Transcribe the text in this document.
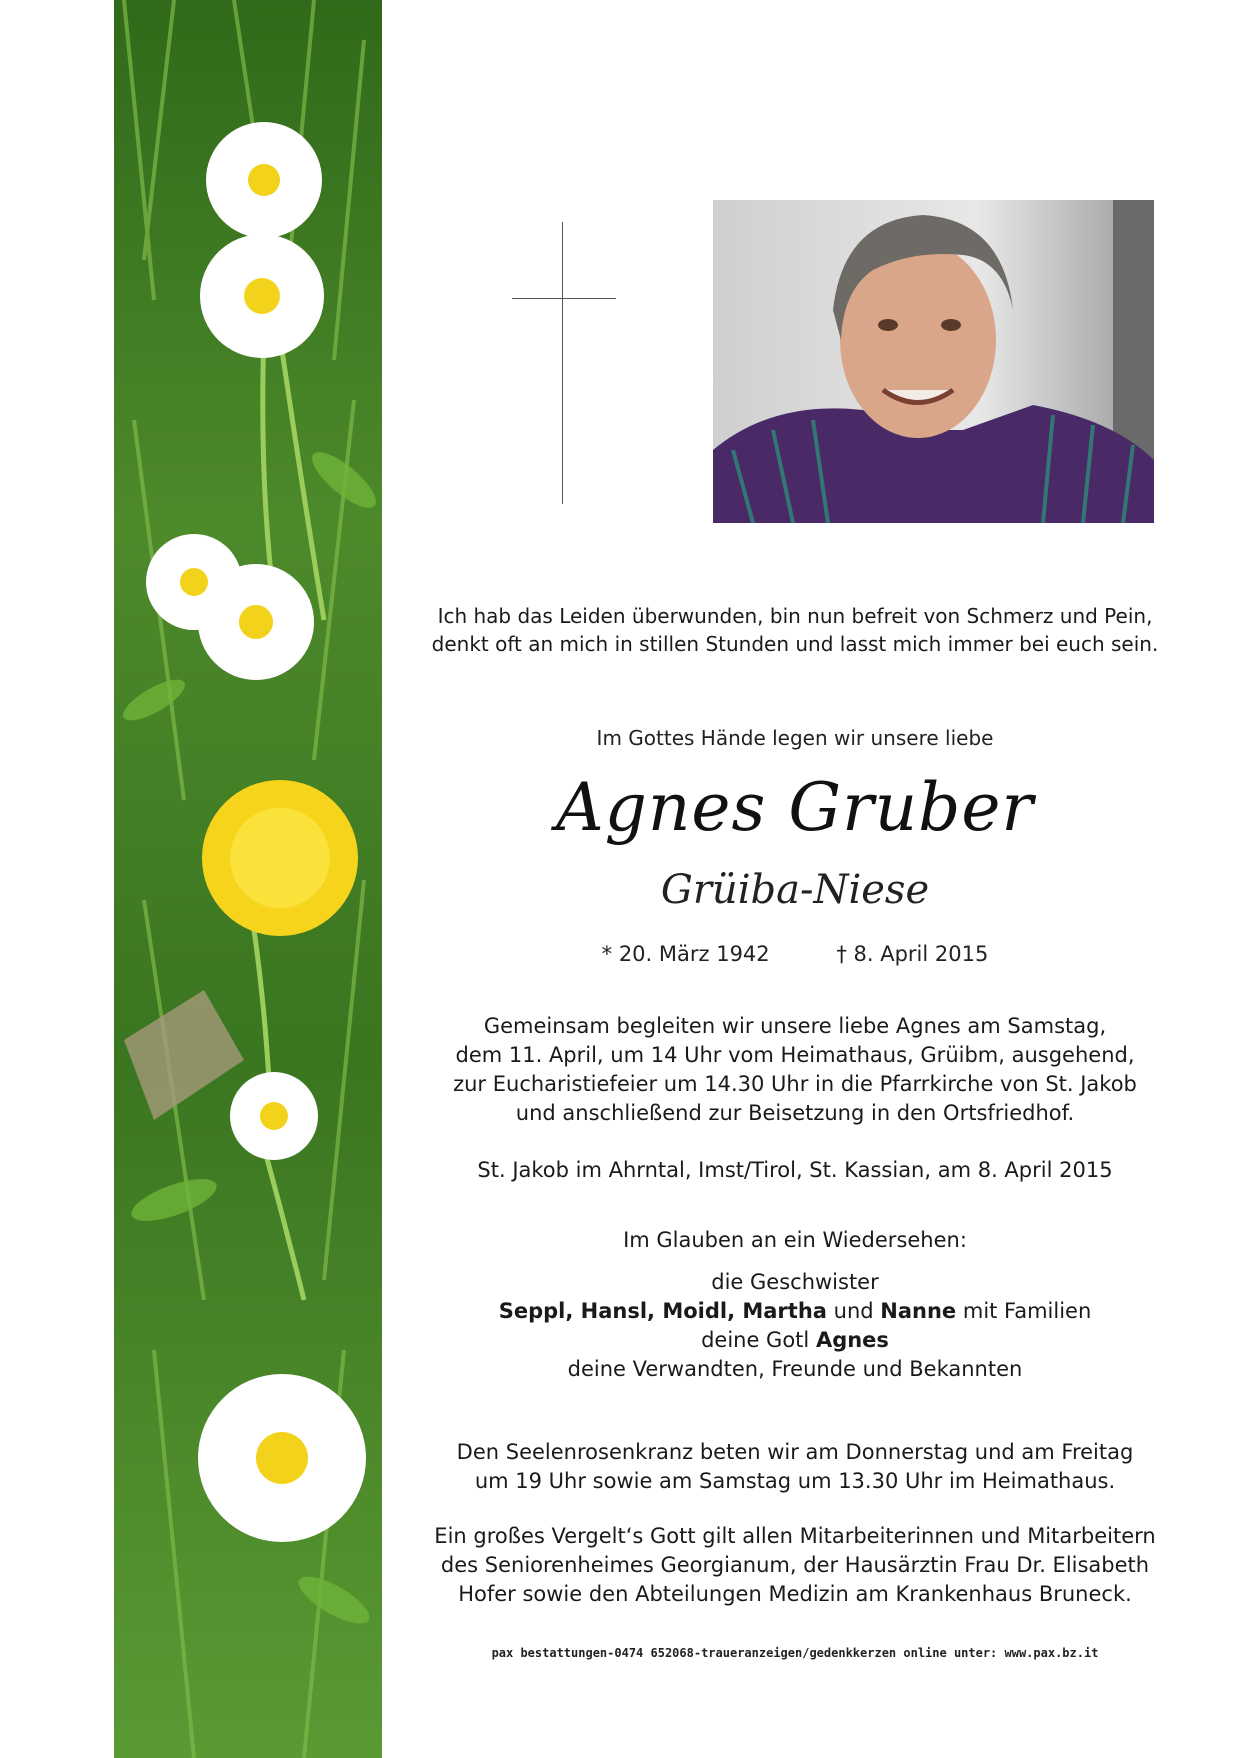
Ich hab das Leiden überwunden, bin nun befreit von Schmerz und Pein,
denkt oft an mich in stillen Stunden und lasst mich immer bei euch sein.
Im Gottes Hände legen wir unsere liebe
Agnes Gruber
Grüiba-Niese
* 20. März 1942	† 8. April 2015

Gemeinsam begleiten wir unsere liebe Agnes am Samstag,

dem 11. April, um 14 Uhr vom Heimathaus, Grüibm, ausgehend,

zur Eucharistiefeier um 14.30 Uhr in die Pfarrkirche von St. Jakob

und anschließend zur Beisetzung in den Ortsfriedhof.

St. Jakob im Ahrntal, Imst/Tirol, St. Kassian, am 8. April 2015
Im Glauben an ein Wiedersehen:

die Geschwister

Seppl, Hansl, Moidl, Martha und Nanne mit Familien

deine Gotl Agnes

deine Verwandten, Freunde und Bekannten

Den Seelenrosenkranz beten wir am Donnerstag und am Freitag

um 19 Uhr sowie am Samstag um 13.30 Uhr im Heimathaus.

Ein großes Vergelt‘s Gott gilt allen Mitarbeiterinnen und Mitarbeitern

des Seniorenheimes Georgianum, der Hausärztin Frau Dr. Elisabeth

Hofer sowie den Abteilungen Medizin am Krankenhaus Bruneck.

pax bestattungen-0474 652068-traueranzeigen/gedenkkerzen online unter: www.pax.bz.it
